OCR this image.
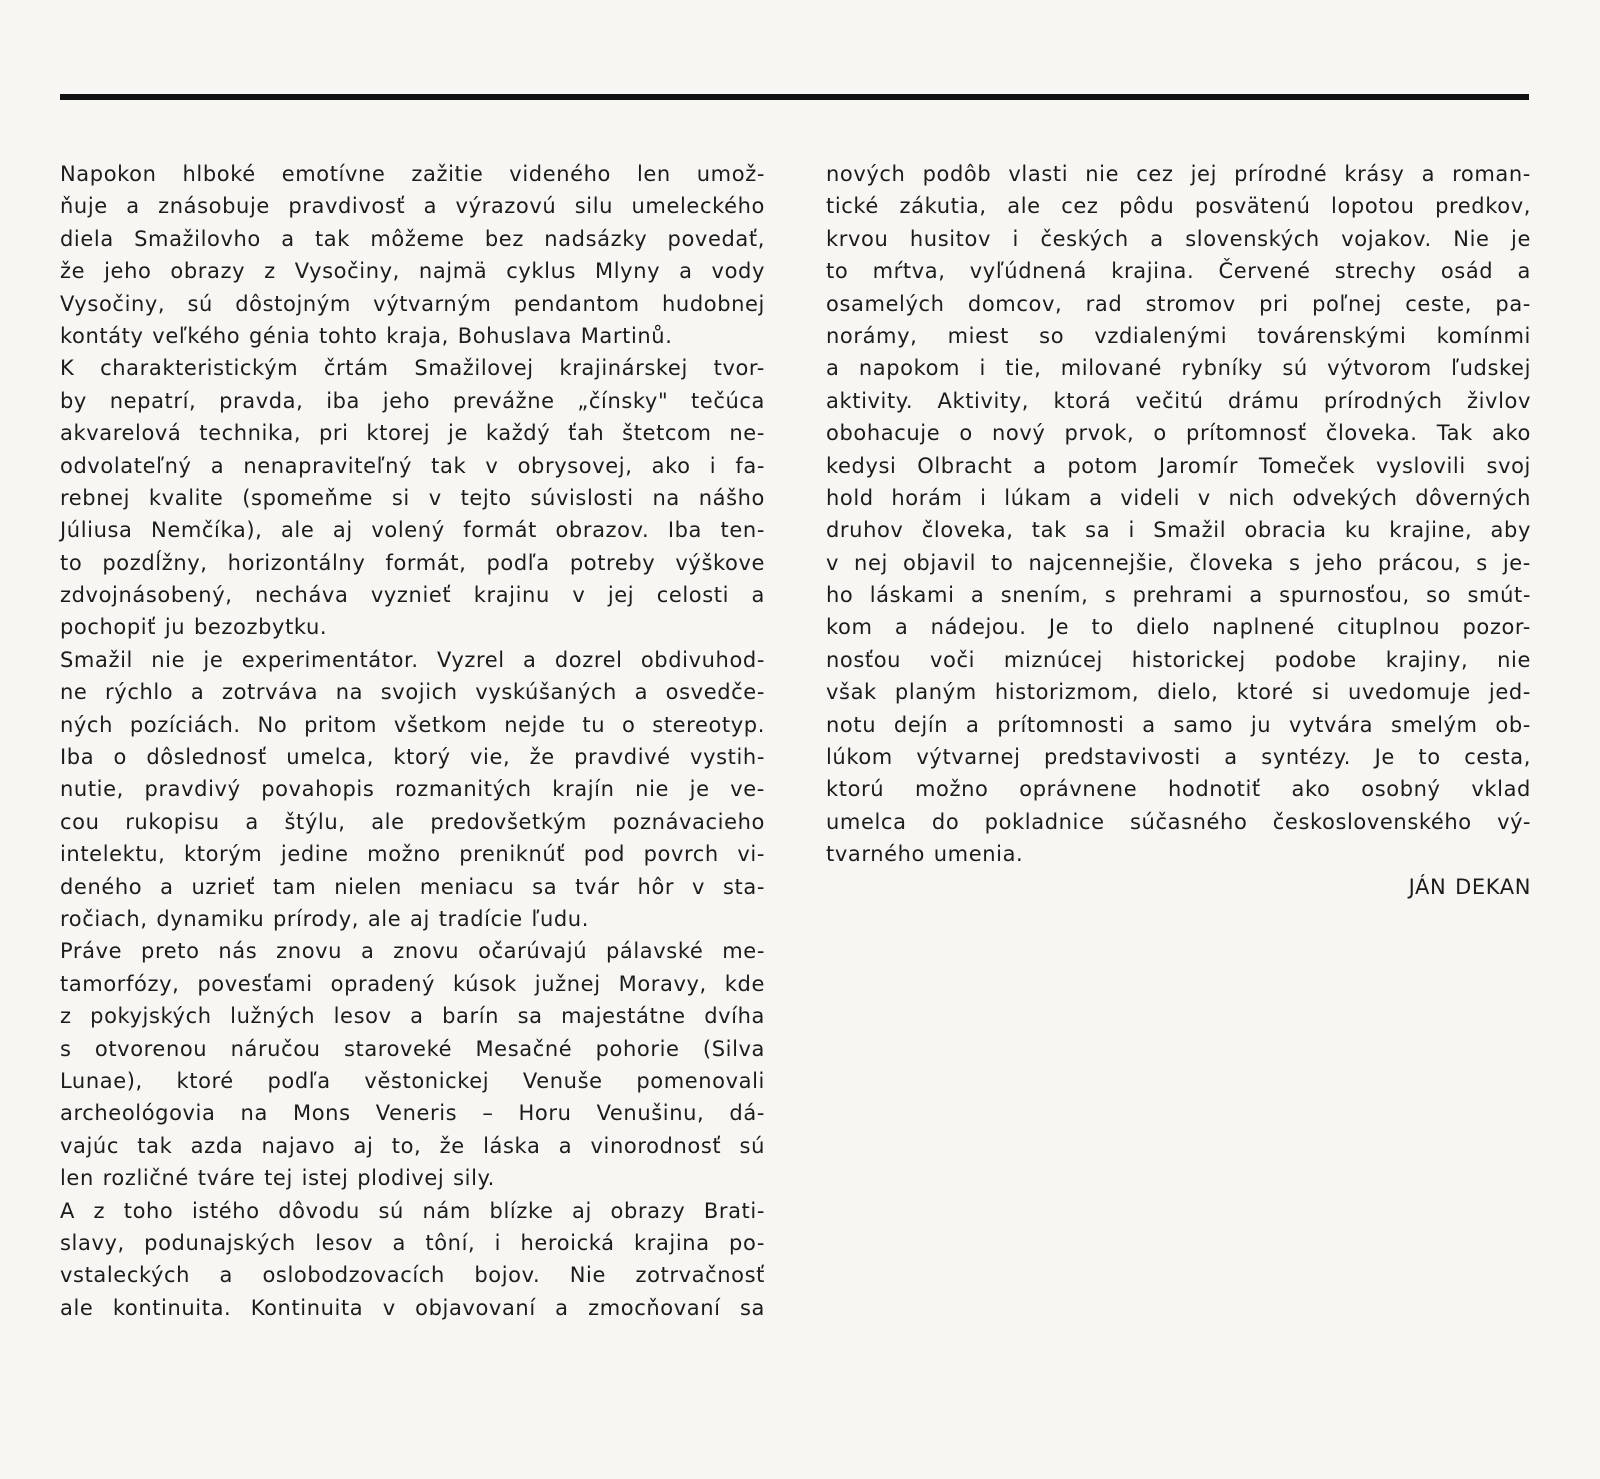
Napokon hlboké emotívne zažitie videného len umož-
ňuje a znásobuje pravdivosť a výrazovú silu umeleckého
diela Smažilovho a tak môžeme bez nadsázky povedať,
že jeho obrazy z Vysočiny, najmä cyklus Mlyny a vody
Vysočiny, sú dôstojným výtvarným pendantom hudobnej
kontáty veľkého génia tohto kraja, Bohuslava Martinů.
K charakteristickým črtám Smažilovej krajinárskej tvor-
by nepatrí, pravda, iba jeho prevážne „čínsky" tečúca
akvarelová technika, pri ktorej je každý ťah štetcom ne-
odvolateľný a nenapraviteľný tak v obrysovej, ako i fa-
rebnej kvalite (spomeňme si v tejto súvislosti na nášho
Júliusa Nemčíka), ale aj volený formát obrazov. Iba ten-
to pozdĺžny, horizontálny formát, podľa potreby výškove
zdvojnásobený, necháva vyznieť krajinu v jej celosti a
pochopiť ju bezozbytku.
Smažil nie je experimentátor. Vyzrel a dozrel obdivuhod-
ne rýchlo a zotrváva na svojich vyskúšaných a osvedče-
ných pozíciách. No pritom všetkom nejde tu o stereotyp.
Iba o dôslednosť umelca, ktorý vie, že pravdivé vystih-
nutie, pravdivý povahopis rozmanitých krajín nie je ve-
cou rukopisu a štýlu, ale predovšetkým poznávacieho
intelektu, ktorým jedine možno preniknúť pod povrch vi-
deného a uzrieť tam nielen meniacu sa tvár hôr v sta-
ročiach, dynamiku prírody, ale aj tradície ľudu.
Práve preto nás znovu a znovu očarúvajú pálavské me-
tamorfózy, povesťami opradený kúsok južnej Moravy, kde
z pokyjských lužných lesov a barín sa majestátne dvíha
s otvorenou náručou staroveké Mesačné pohorie (Silva
Lunae), ktoré podľa věstonickej Venuše pomenovali
archeológovia na Mons Veneris – Horu Venušinu, dá-
vajúc tak azda najavo aj to, že láska a vinorodnosť sú
len rozličné tváre tej istej plodivej sily.
A z toho istého dôvodu sú nám blízke aj obrazy Brati-
slavy, podunajských lesov a tôní, i heroická krajina po-
vstaleckých a oslobodzovacích bojov. Nie zotrvačnosť
ale kontinuita. Kontinuita v objavovaní a zmocňovaní sa
nových podôb vlasti nie cez jej prírodné krásy a roman-
tické zákutia, ale cez pôdu posvätenú lopotou predkov,
krvou husitov i českých a slovenských vojakov. Nie je
to mŕtva, vyľúdnená krajina. Červené strechy osád a
osamelých domcov, rad stromov pri poľnej ceste, pa-
norámy, miest so vzdialenými továrenskými komínmi
a napokom i tie, milované rybníky sú výtvorom ľudskej
aktivity. Aktivity, ktorá večitú drámu prírodných živlov
obohacuje o nový prvok, o prítomnosť človeka. Tak ako
kedysi Olbracht a potom Jaromír Tomeček vyslovili svoj
hold horám i lúkam a videli v nich odvekých dôverných
druhov človeka, tak sa i Smažil obracia ku krajine, aby
v nej objavil to najcennejšie, človeka s jeho prácou, s je-
ho láskami a snením, s prehrami a spurnosťou, so smút-
kom a nádejou. Je to dielo naplnené cituplnou pozor-
nosťou voči miznúcej historickej podobe krajiny, nie
však planým historizmom, dielo, ktoré si uvedomuje jed-
notu dejín a prítomnosti a samo ju vytvára smelým ob-
lúkom výtvarnej predstavivosti a syntézy. Je to cesta,
ktorú možno oprávnene hodnotiť ako osobný vklad
umelca do pokladnice súčasného československého vý-
tvarného umenia.
JÁN DEKAN
